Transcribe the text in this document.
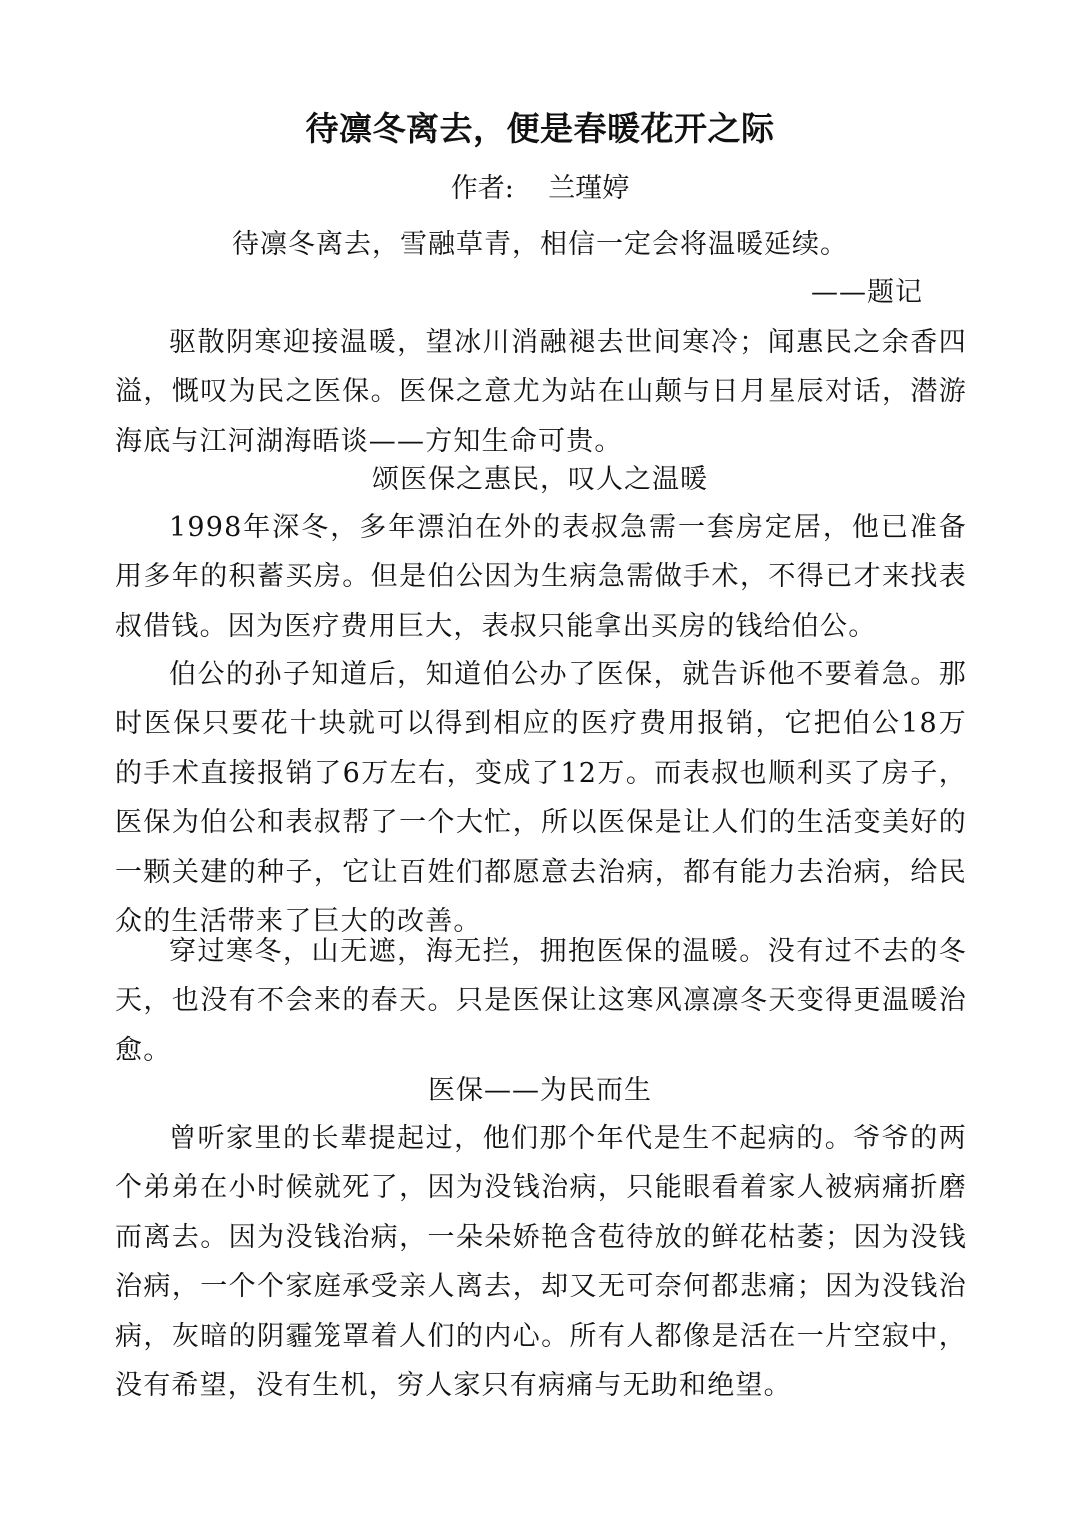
待凛冬离去，便是春暖花开之际
作者:    兰瑾婷
待凛冬离去，雪融草青，相信一定会将温暖延续。
——题记

驱散阴寒迎接温暖，望冰川消融褪去世间寒冷；闻惠民之余香四溢，慨叹为民之医保。医保之意尤为站在山颠与日月星辰对话，潜游海底与江河湖海晤谈——方知生命可贵。

颂医保之惠民，叹人之温暖

1998年深冬，多年漂泊在外的表叔急需一套房定居，他已准备用多年的积蓄买房。但是伯公因为生病急需做手术，不得已才来找表叔借钱。因为医疗费用巨大，表叔只能拿出买房的钱给伯公。

伯公的孙子知道后，知道伯公办了医保，就告诉他不要着急。那时医保只要花十块就可以得到相应的医疗费用报销，它把伯公18万的手术直接报销了6万左右，变成了12万。而表叔也顺利买了房子，医保为伯公和表叔帮了一个大忙，所以医保是让人们的生活变美好的一颗关建的种子，它让百姓们都愿意去治病，都有能力去治病，给民众的生活带来了巨大的改善。

穿过寒冬，山无遮，海无拦，拥抱医保的温暖。没有过不去的冬天，也没有不会来的春天。只是医保让这寒风凛凛冬天变得更温暖治愈。

医保——为民而生

曾听家里的长辈提起过，他们那个年代是生不起病的。爷爷的两个弟弟在小时候就死了，因为没钱治病，只能眼看着家人被病痛折磨而离去。因为没钱治病，一朵朵娇艳含苞待放的鲜花枯萎；因为没钱治病，一个个家庭承受亲人离去，却又无可奈何都悲痛；因为没钱治病，灰暗的阴霾笼罩着人们的内心。所有人都像是活在一片空寂中，没有希望，没有生机，穷人家只有病痛与无助和绝望。
